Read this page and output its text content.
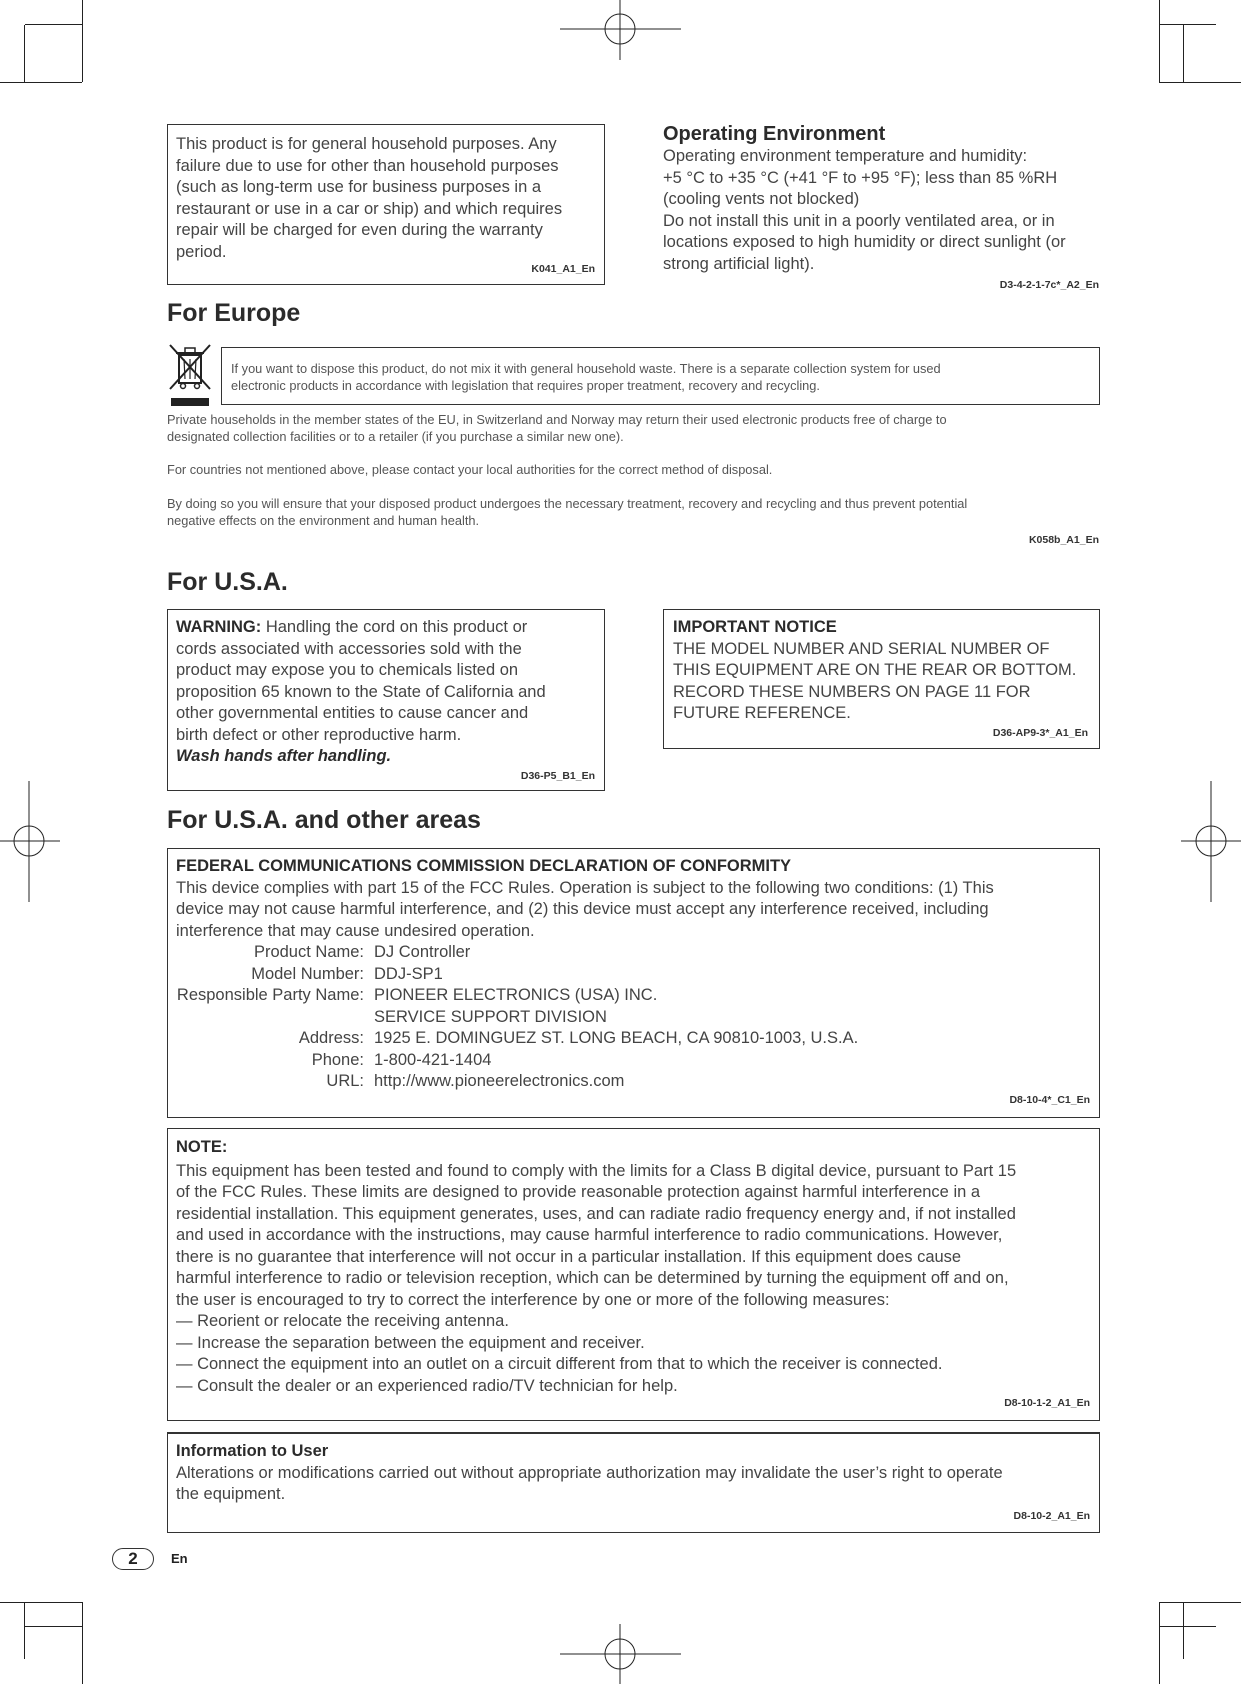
This product is for general household purposes. Any
failure due to use for other than household purposes
(such as long-term use for business purposes in a
restaurant or use in a car or ship) and which requires
repair will be charged for even during the warranty
period.
K041_A1_En
Operating Environment
Operating environment temperature and humidity:
+5 °C to +35 °C (+41 °F to +95 °F); less than 85 %RH
(cooling vents not blocked)
Do not install this unit in a poorly ventilated area, or in
locations exposed to high humidity or direct sunlight (or
strong artificial light).
D3-4-2-1-7c*_A2_En
For Europe
If you want to dispose this product, do not mix it with general household waste. There is a separate collection system for used
electronic products in accordance with legislation that requires proper treatment, recovery and recycling.
Private households in the member states of the EU, in Switzerland and Norway may return their used electronic products free of charge to
designated collection facilities or to a retailer (if you purchase a similar new one).
For countries not mentioned above, please contact your local authorities for the correct method of disposal.
By doing so you will ensure that your disposed product undergoes the necessary treatment, recovery and recycling and thus prevent potential
negative effects on the environment and human health.
K058b_A1_En
For U.S.A.
WARNING: Handling the cord on this product or
cords associated with accessories sold with the
product may expose you to chemicals listed on
proposition 65 known to the State of California and
other governmental entities to cause cancer and
birth defect or other reproductive harm.
Wash hands after handling.
D36-P5_B1_En
IMPORTANT NOTICE
THE MODEL NUMBER AND SERIAL NUMBER OF
THIS EQUIPMENT ARE ON THE REAR OR BOTTOM.
RECORD THESE NUMBERS ON PAGE 11 FOR
FUTURE REFERENCE.
D36-AP9-3*_A1_En
For U.S.A. and other areas
FEDERAL COMMUNICATIONS COMMISSION DECLARATION OF CONFORMITY
This device complies with part 15 of the FCC Rules. Operation is subject to the following two conditions: (1) This
device may not cause harmful interference, and (2) this device must accept any interference received, including
interference that may cause undesired operation.
Product Name: DJ Controller
Model Number: DDJ-SP1
Responsible Party Name: PIONEER ELECTRONICS (USA) INC.
SERVICE SUPPORT DIVISION
Address: 1925 E. DOMINGUEZ ST. LONG BEACH, CA 90810-1003, U.S.A.
Phone: 1-800-421-1404
URL: http://www.pioneerelectronics.com
D8-10-4*_C1_En
NOTE:
This equipment has been tested and found to comply with the limits for a Class B digital device, pursuant to Part 15
of the FCC Rules. These limits are designed to provide reasonable protection against harmful interference in a
residential installation. This equipment generates, uses, and can radiate radio frequency energy and, if not installed
and used in accordance with the instructions, may cause harmful interference to radio communications. However,
there is no guarantee that interference will not occur in a particular installation. If this equipment does cause
harmful interference to radio or television reception, which can be determined by turning the equipment off and on,
the user is encouraged to try to correct the interference by one or more of the following measures:
— Reorient or relocate the receiving antenna.
— Increase the separation between the equipment and receiver.
— Connect the equipment into an outlet on a circuit different from that to which the receiver is connected.
— Consult the dealer or an experienced radio/TV technician for help.
D8-10-1-2_A1_En
Information to User
Alterations or modifications carried out without appropriate authorization may invalidate the user’s right to operate
the equipment.
D8-10-2_A1_En
2	En
